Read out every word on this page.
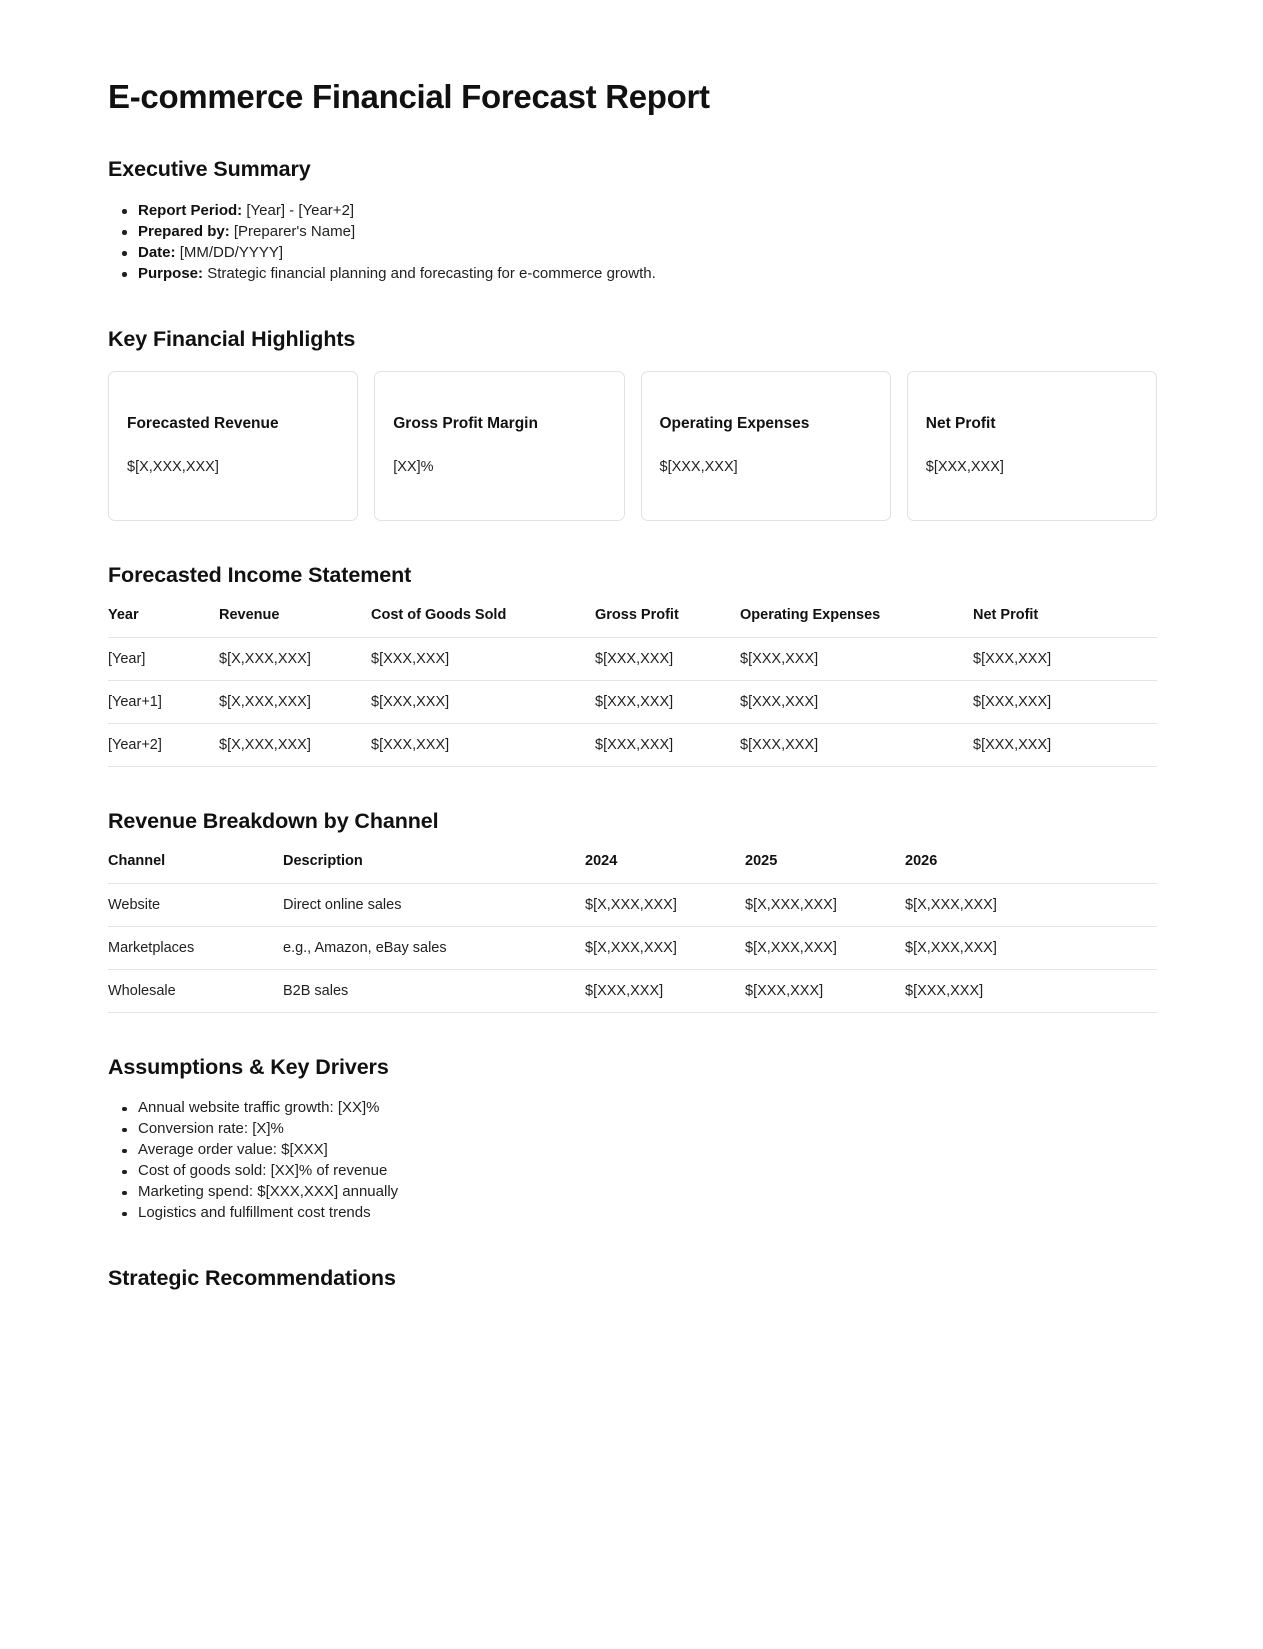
E-commerce Financial Forecast Report
Executive Summary
Report Period: [Year] - [Year+2]
Prepared by: [Preparer's Name]
Date: [MM/DD/YYYY]
Purpose: Strategic financial planning and forecasting for e-commerce growth.
Key Financial Highlights
Forecasted Revenue
$[X,XXX,XXX]
Gross Profit Margin
[XX]%
Operating Expenses
$[XXX,XXX]
Net Profit
$[XXX,XXX]
Forecasted Income Statement
Year	Revenue	Cost of Goods Sold	Gross Profit	Operating Expenses	Net Profit
[Year]	$[X,XXX,XXX]	$[XXX,XXX]	$[XXX,XXX]	$[XXX,XXX]	$[XXX,XXX]
[Year+1]	$[X,XXX,XXX]	$[XXX,XXX]	$[XXX,XXX]	$[XXX,XXX]	$[XXX,XXX]
[Year+2]	$[X,XXX,XXX]	$[XXX,XXX]	$[XXX,XXX]	$[XXX,XXX]	$[XXX,XXX]
Revenue Breakdown by Channel
Channel	Description	2024	2025	2026
Website	Direct online sales	$[X,XXX,XXX]	$[X,XXX,XXX]	$[X,XXX,XXX]
Marketplaces	e.g., Amazon, eBay sales	$[X,XXX,XXX]	$[X,XXX,XXX]	$[X,XXX,XXX]
Wholesale	B2B sales	$[XXX,XXX]	$[XXX,XXX]	$[XXX,XXX]
Assumptions & Key Drivers
Annual website traffic growth: [XX]%
Conversion rate: [X]%
Average order value: $[XXX]
Cost of goods sold: [XX]% of revenue
Marketing spend: $[XXX,XXX] annually
Logistics and fulfillment cost trends
Strategic Recommendations
